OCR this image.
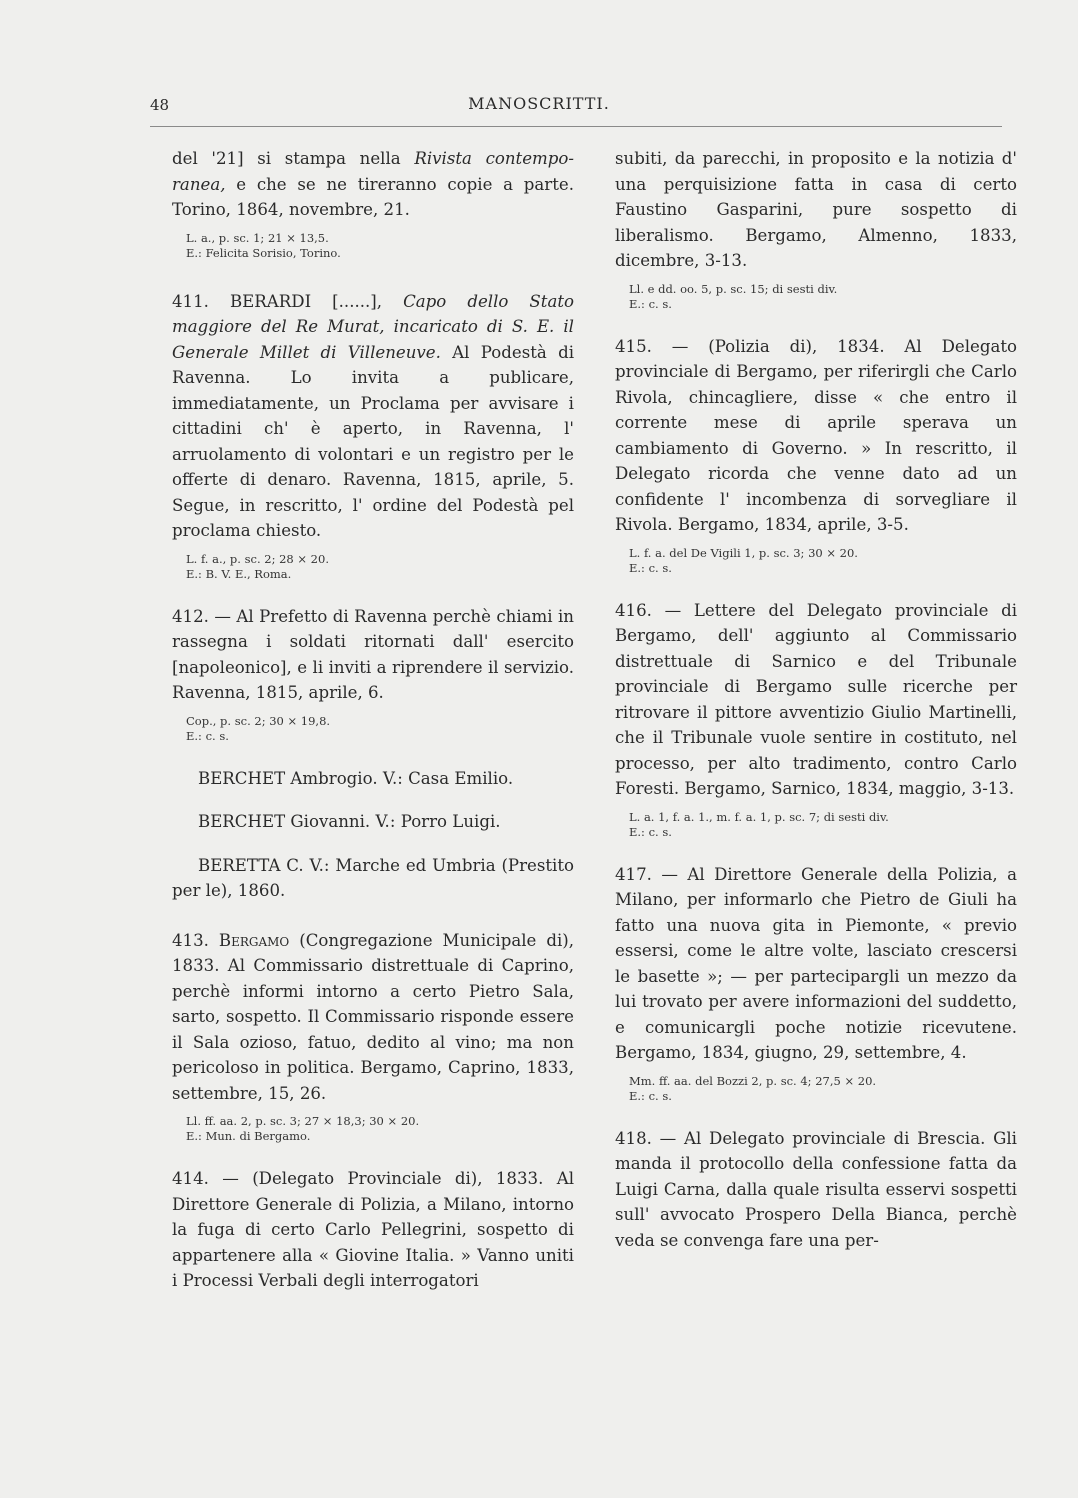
48	MANOSCRITTI.

del '21] si stampa nella Rivista contempo-ranea, e che se ne tireranno copie a parte. Torino, 1864, novembre, 21.

L. a., p. sc. 1; 21 ⨯ 13,5.

E.: Felicita Sorisio, Torino.

411. BERARDI [......], Capo dello Stato maggiore del Re Murat, incaricato di S. E. il Generale Millet di Villeneuve. Al Podestà di Ravenna. Lo invita a publicare, immediatamente, un Proclama per avvisare i cittadini ch' è aperto, in Ravenna, l' arruolamento di volontari e un registro per le offerte di denaro. Ravenna, 1815, aprile, 5. Segue, in rescritto, l' ordine del Podestà pel proclama chiesto.

L. f. a., p. sc. 2; 28 ⨯ 20.

E.: B. V. E., Roma.

412. — Al Prefetto di Ravenna perchè chiami in rassegna i soldati ritornati dall' esercito [napoleonico], e li inviti a riprendere il servizio. Ravenna, 1815, aprile, 6.

Cop., p. sc. 2; 30 ⨯ 19,8.

E.: c. s.

BERCHET Ambrogio. V.: Casa Emilio.

BERCHET Giovanni. V.: Porro Luigi.

BERETTA C. V.: Marche ed Umbria (Prestito per le), 1860.

413. Bergamo (Congregazione Municipale di), 1833. Al Commissario distrettuale di Caprino, perchè informi intorno a certo Pietro Sala, sarto, sospetto. Il Commissario risponde essere il Sala ozioso, fatuo, dedito al vino; ma non pericoloso in politica. Bergamo, Caprino, 1833, settembre, 15, 26.

Ll. ff. aa. 2, p. sc. 3; 27 ⨯ 18,3; 30 ⨯ 20.

E.: Mun. di Bergamo.

414. — (Delegato Provinciale di), 1833. Al Direttore Generale di Polizia, a Milano, intorno la fuga di certo Carlo Pellegrini, sospetto di appartenere alla « Giovine Italia. » Vanno uniti i Processi Verbali degli interrogatori

subiti, da parecchi, in proposito e la notizia d' una perquisizione fatta in casa di certo Faustino Gasparini, pure sospetto di liberalismo. Bergamo, Almenno, 1833, dicembre, 3-13.

Ll. e dd. oo. 5, p. sc. 15; di sesti div.

E.: c. s.

415. — (Polizia di), 1834. Al Delegato provinciale di Bergamo, per riferirgli che Carlo Rivola, chincagliere, disse « che entro il corrente mese di aprile sperava un cambiamento di Governo. » In rescritto, il Delegato ricorda che venne dato ad un confidente l' incombenza di sorvegliare il Rivola. Bergamo, 1834, aprile, 3-5.

L. f. a. del De Vigili 1, p. sc. 3; 30 ⨯ 20.

E.: c. s.

416. — Lettere del Delegato provinciale di Bergamo, dell' aggiunto al Commissario distrettuale di Sarnico e del Tribunale provinciale di Bergamo sulle ricerche per ritrovare il pittore avventizio Giulio Martinelli, che il Tribunale vuole sentire in costituto, nel processo, per alto tradimento, contro Carlo Foresti. Bergamo, Sarnico, 1834, maggio, 3-13.

L. a. 1, f. a. 1., m. f. a. 1, p. sc. 7; di sesti div.

E.: c. s.

417. — Al Direttore Generale della Polizia, a Milano, per informarlo che Pietro de Giuli ha fatto una nuova gita in Piemonte, « previo essersi, come le altre volte, lasciato crescersi le basette »; — per partecipargli un mezzo da lui trovato per avere informazioni del suddetto, e comunicargli poche notizie ricevutene. Bergamo, 1834, giugno, 29, settembre, 4.

Mm. ff. aa. del Bozzi 2, p. sc. 4; 27,5 ⨯ 20.

E.: c. s.

418. — Al Delegato provinciale di Brescia. Gli manda il protocollo della confessione fatta da Luigi Carna, dalla quale risulta esservi sospetti sull' avvocato Prospero Della Bianca, perchè veda se convenga fare una per-
